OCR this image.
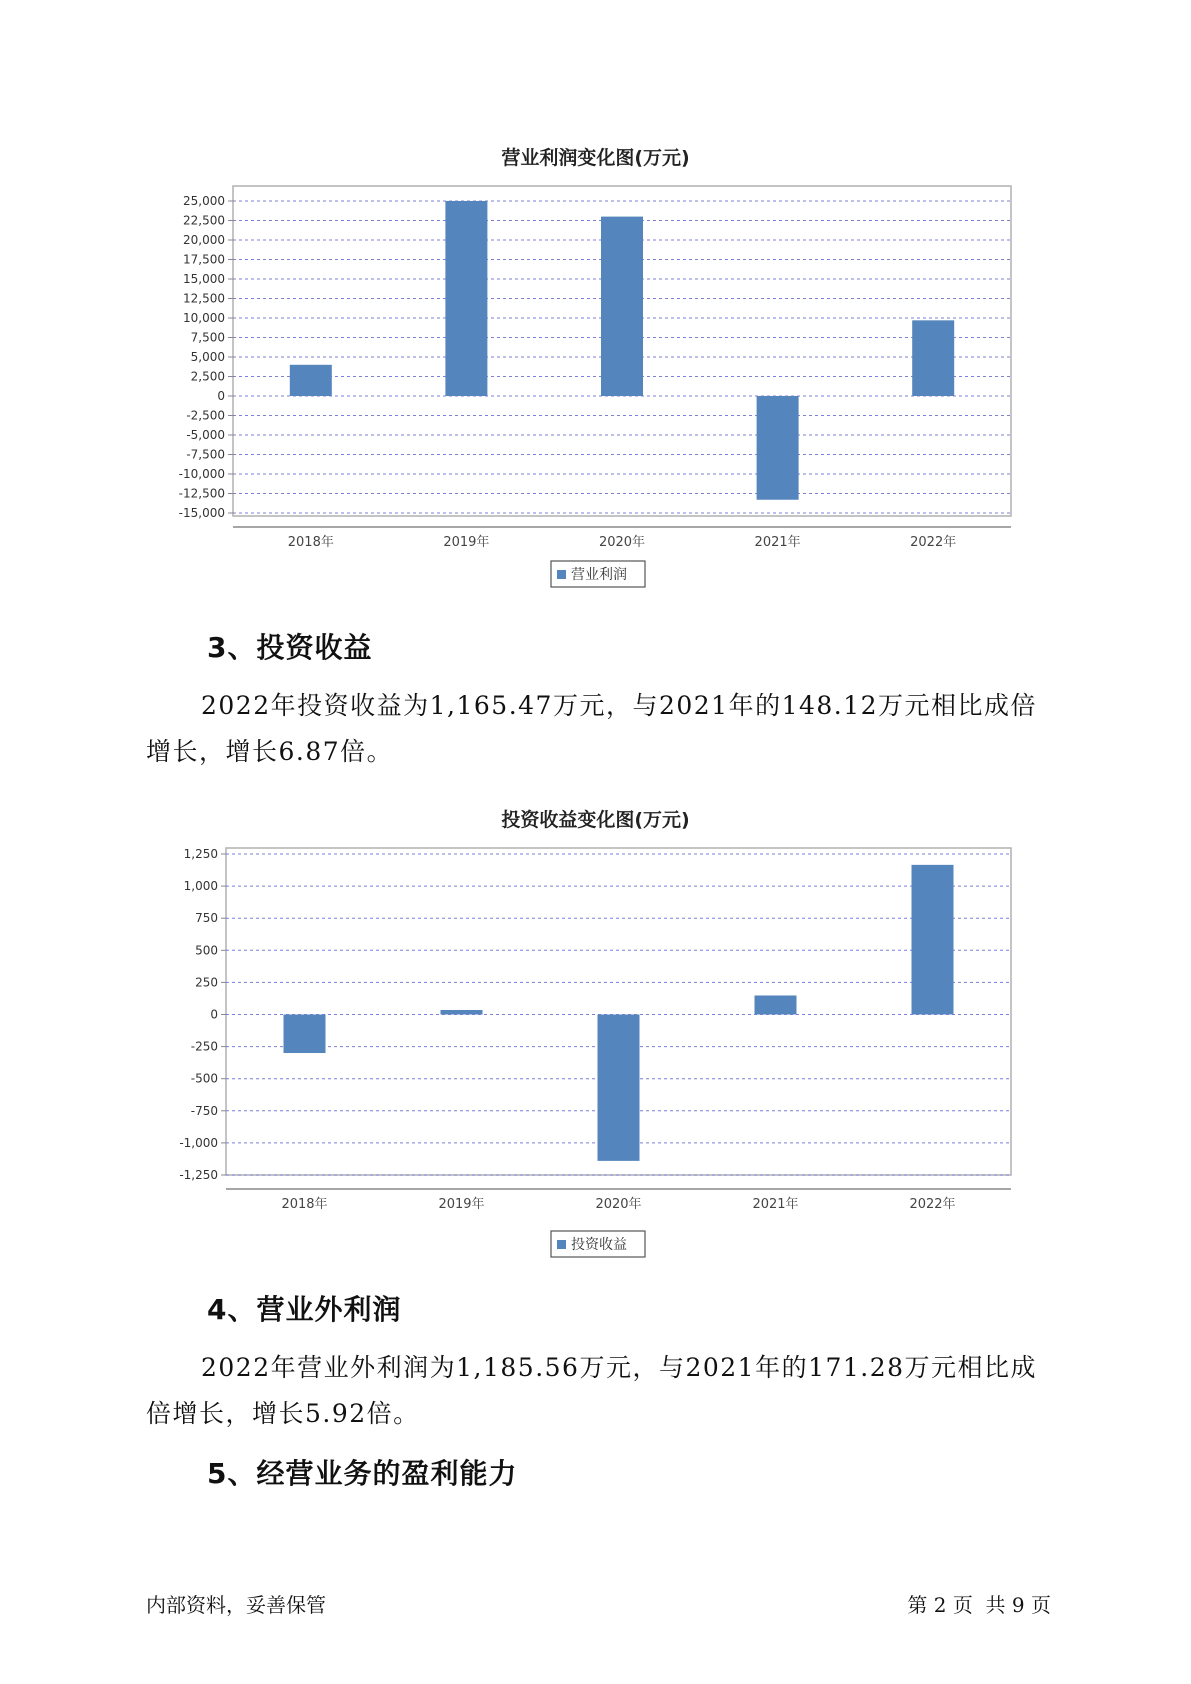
营业利润变化图(万元)
25,000
22,500
20,000
17,500
15,000
12,500
10,000
7,500
5,000
2,500
0
-2,500
-5,000
-7,500
-10,000
-12,500
-15,000
2018年	2019年	2020年	2021年	2022年
营业利润
3、投资收益

2022年投资收益为1,165.47万元，与2021年的148.12万元相比成倍增长，增长6.87倍。

投资收益变化图(万元)
1,250
1,000
750
500
250
0
-250
-500
-750
-1,000
-1,250
2018年	2019年	2020年	2021年	2022年
投资收益
4、营业外利润

2022年营业外利润为1,185.56万元，与2021年的171.28万元相比成倍增长，增长5.92倍。

5、经营业务的盈利能力
内部资料，妥善保管	第 2 页  共 9 页
